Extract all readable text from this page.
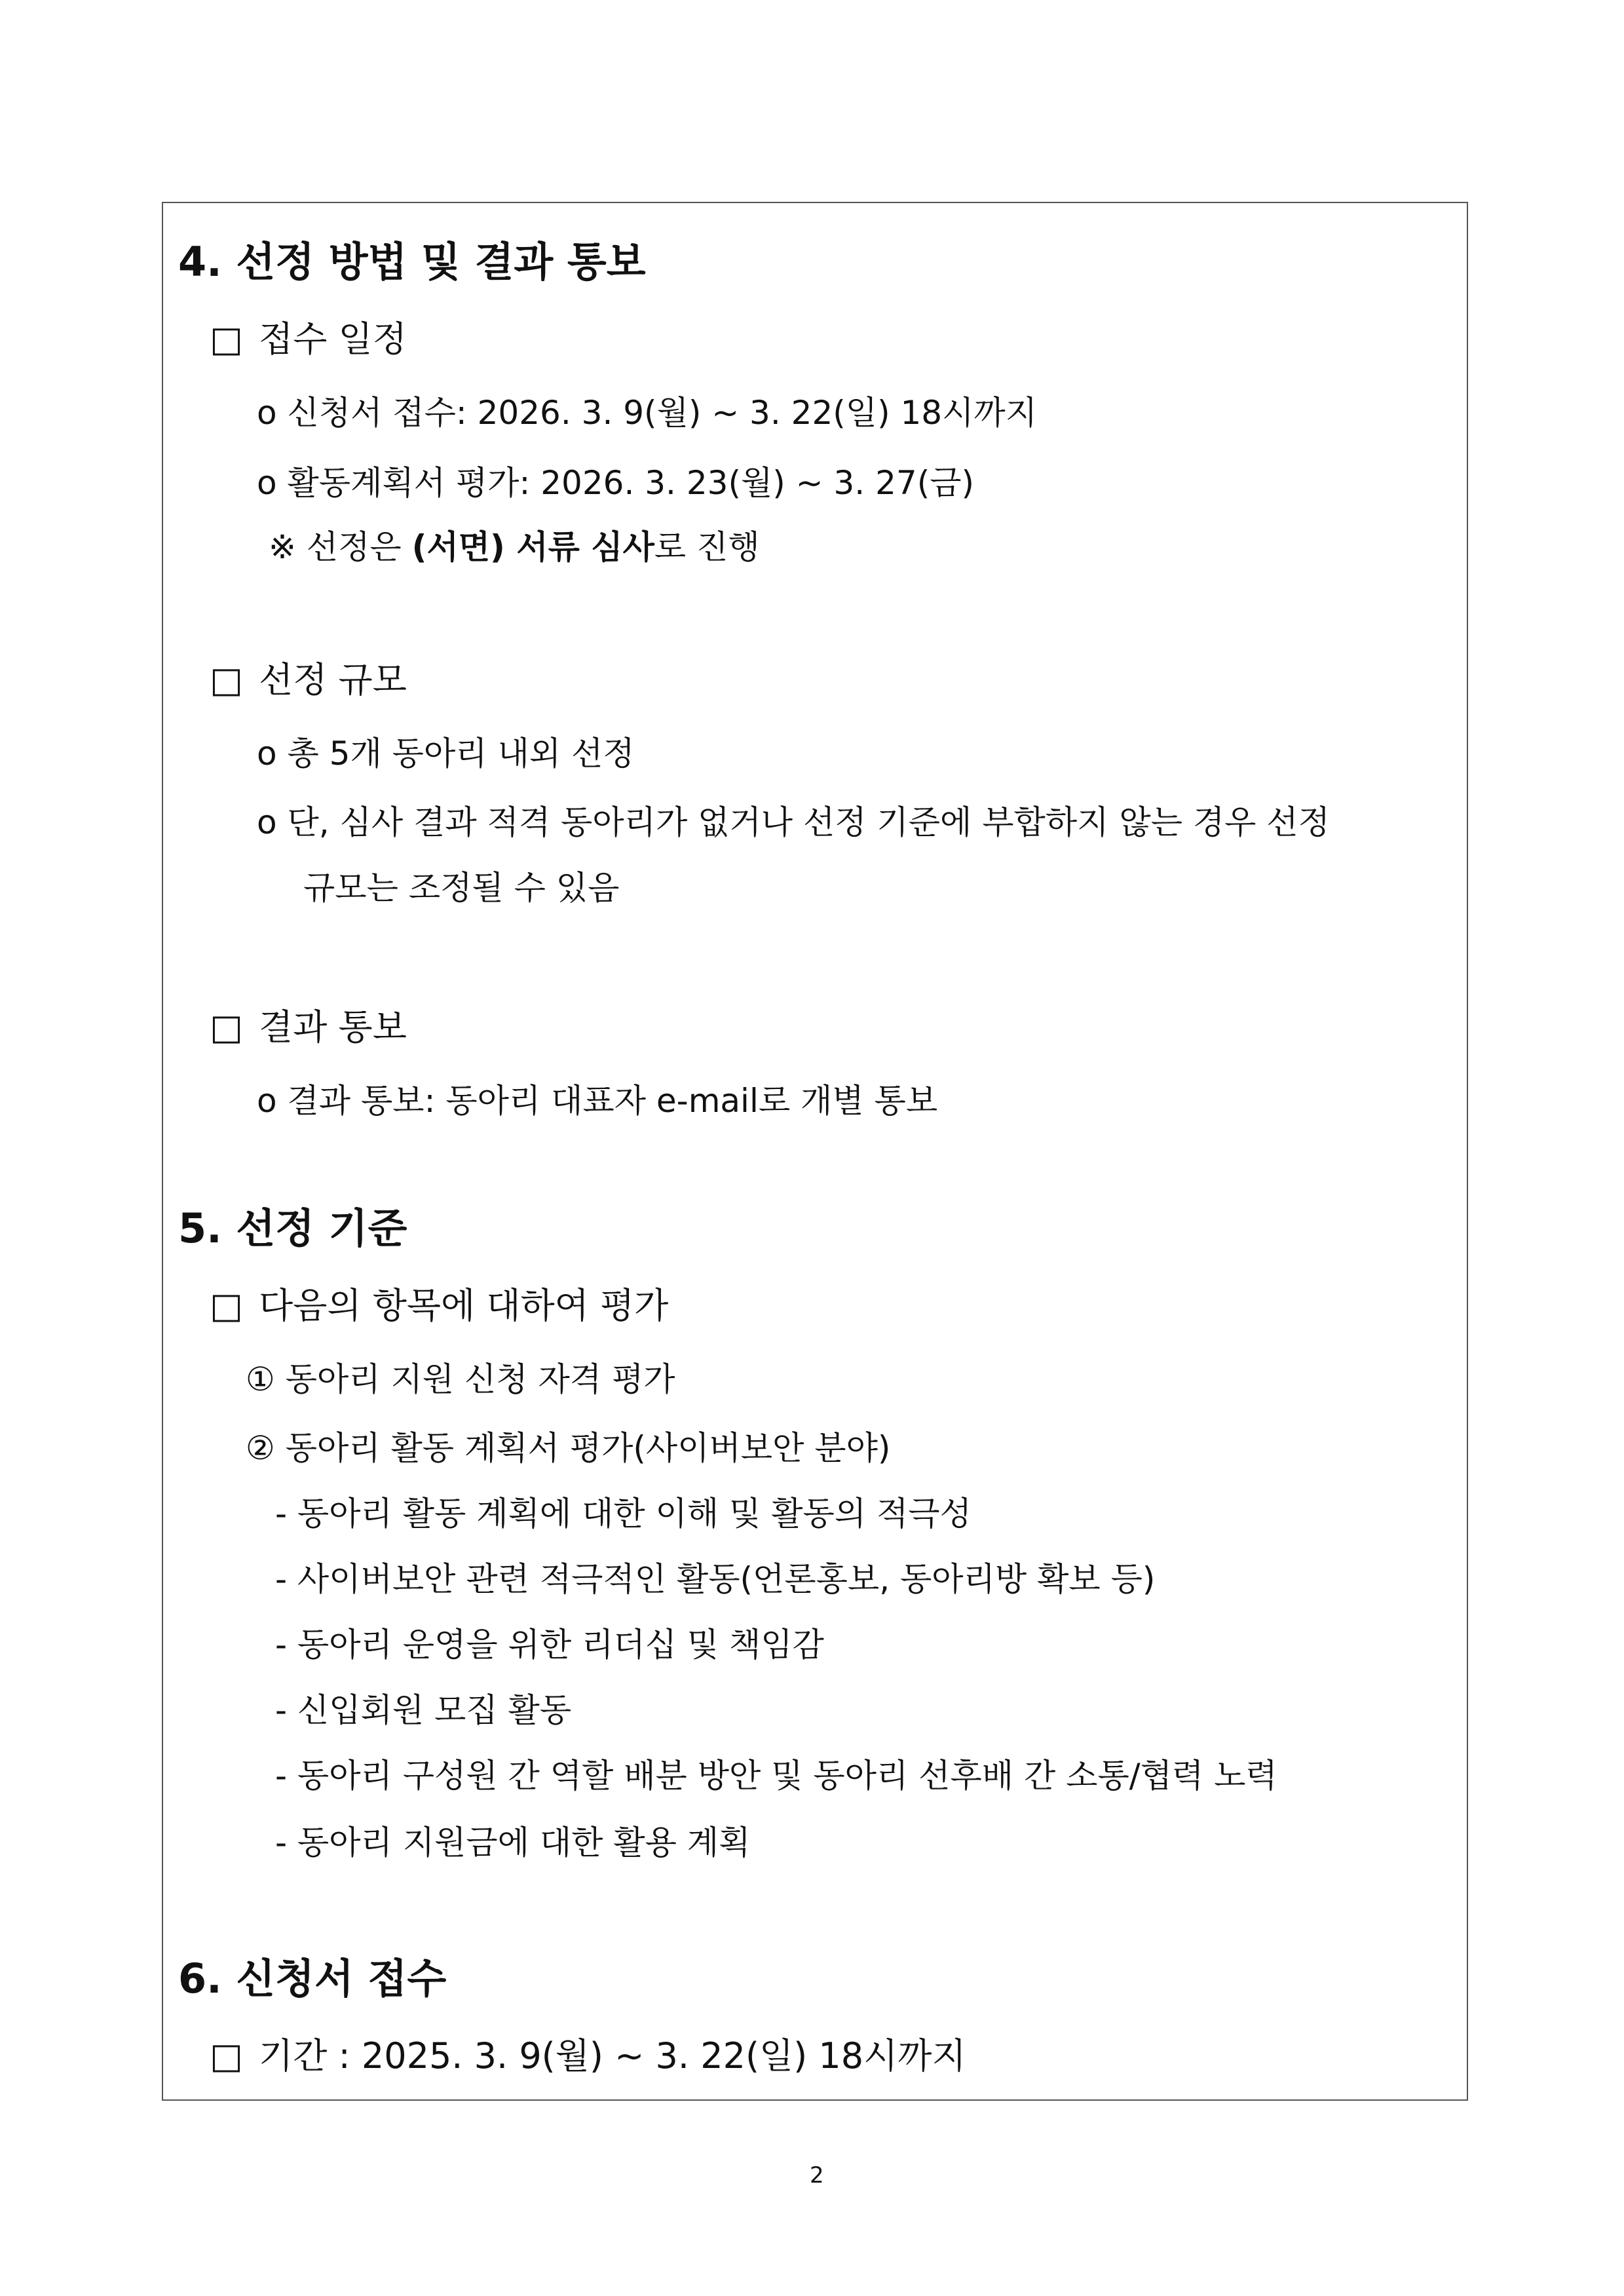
4. 선정 방법 및 결과 통보
□ 접수 일정
o 신청서 접수: 2026. 3. 9(월) ~ 3. 22(일) 18시까지
o 활동계획서 평가: 2026. 3. 23(월) ~ 3. 27(금)
※ 선정은 (서면) 서류 심사로 진행
□ 선정 규모
o 총 5개 동아리 내외 선정
o 단, 심사 결과 적격 동아리가 없거나 선정 기준에 부합하지 않는 경우 선정
규모는 조정될 수 있음
□ 결과 통보
o 결과 통보: 동아리 대표자 e-mail로 개별 통보
5. 선정 기준
□ 다음의 항목에 대하여 평가
① 동아리 지원 신청 자격 평가
② 동아리 활동 계획서 평가(사이버보안 분야)
- 동아리 활동 계획에 대한 이해 및 활동의 적극성
- 사이버보안 관련 적극적인 활동(언론홍보, 동아리방 확보 등)
- 동아리 운영을 위한 리더십 및 책임감
- 신입회원 모집 활동
- 동아리 구성원 간 역할 배분 방안 및 동아리 선후배 간 소통/협력 노력
- 동아리 지원금에 대한 활용 계획
6. 신청서 접수
□ 기간 : 2025. 3. 9(월) ~ 3. 22(일) 18시까지
2
